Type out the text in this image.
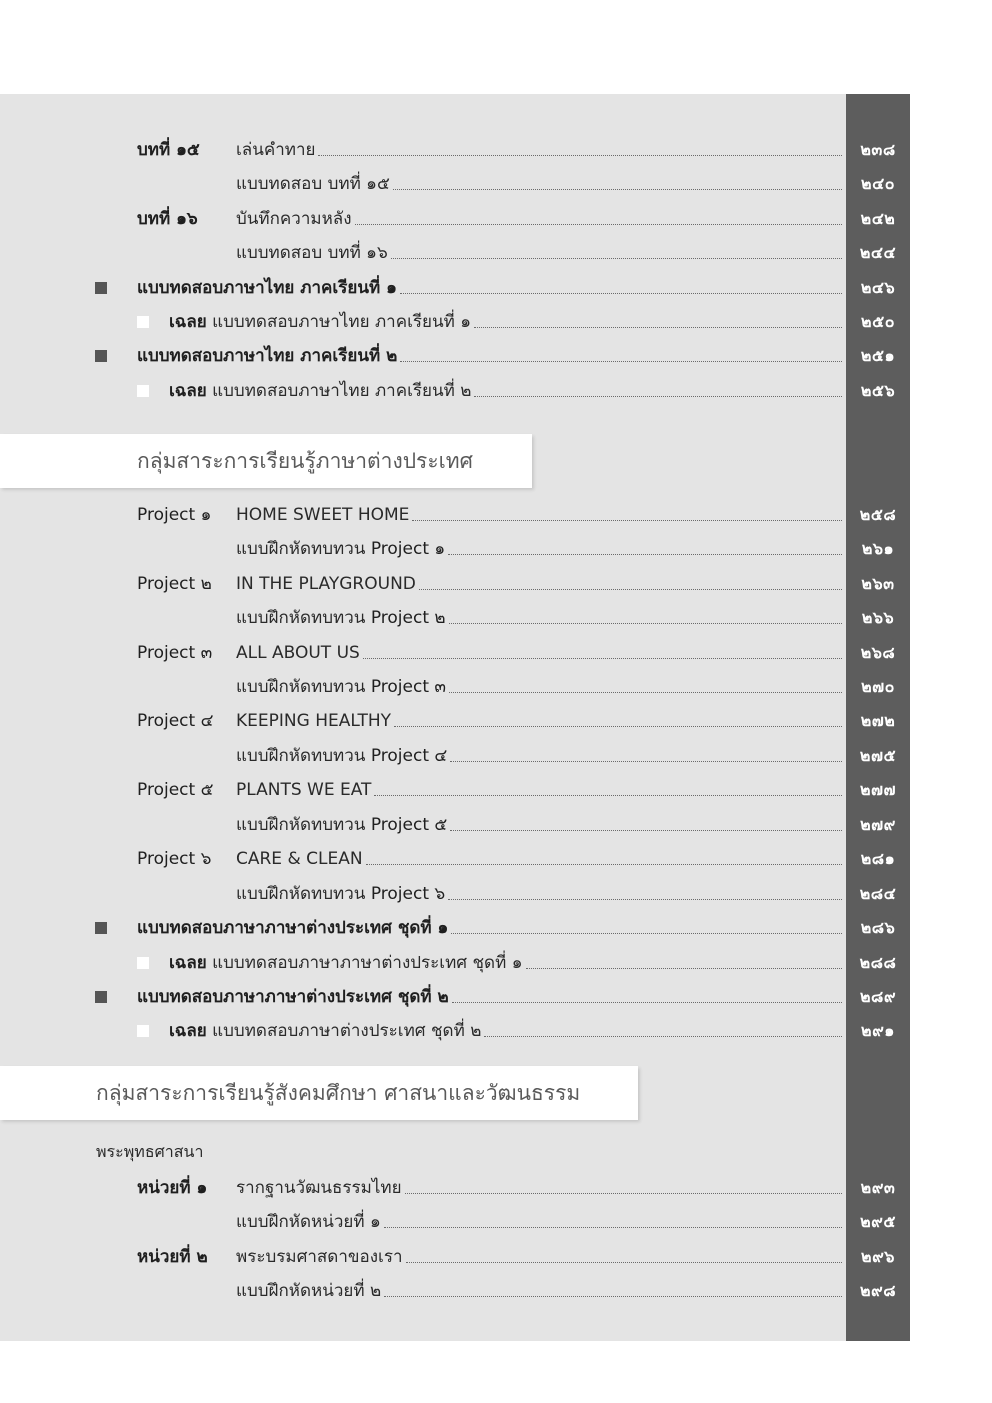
บทที่ ๑๕ เล่นคำทาย	๒๓๘
แบบทดสอบ บทที่ ๑๕	๒๔๐
บทที่ ๑๖ บันทึกความหลัง	๒๔๒
แบบทดสอบ บทที่ ๑๖	๒๔๔
แบบทดสอบภาษาไทย ภาคเรียนที่ ๑	๒๔๖
เฉลย แบบทดสอบภาษาไทย ภาคเรียนที่ ๑	๒๕๐
แบบทดสอบภาษาไทย ภาคเรียนที่ ๒	๒๕๑
เฉลย แบบทดสอบภาษาไทย ภาคเรียนที่ ๒	๒๕๖
กลุ่มสาระการเรียนรู้ภาษาต่างประเทศ
Project ๑ HOME SWEET HOME	๒๕๘
แบบฝึกหัดทบทวน Project ๑	๒๖๑
Project ๒ IN THE PLAYGROUND	๒๖๓
แบบฝึกหัดทบทวน Project ๒	๒๖๖
Project ๓ ALL ABOUT US	๒๖๘
แบบฝึกหัดทบทวน Project ๓	๒๗๐
Project ๔ KEEPING HEALTHY	๒๗๒
แบบฝึกหัดทบทวน Project ๔	๒๗๕
Project ๕ PLANTS WE EAT	๒๗๗
แบบฝึกหัดทบทวน Project ๕	๒๗๙
Project ๖ CARE & CLEAN	๒๘๑
แบบฝึกหัดทบทวน Project ๖	๒๘๔
แบบทดสอบภาษาภาษาต่างประเทศ ชุดที่ ๑	๒๘๖
เฉลย แบบทดสอบภาษาภาษาต่างประเทศ ชุดที่ ๑	๒๘๘
แบบทดสอบภาษาภาษาต่างประเทศ ชุดที่ ๒	๒๘๙
เฉลย แบบทดสอบภาษาต่างประเทศ ชุดที่ ๒	๒๙๑
กลุ่มสาระการเรียนรู้สังคมศึกษา ศาสนาและวัฒนธรรม
พระพุทธศาสนา
หน่วยที่ ๑ รากฐานวัฒนธรรมไทย	๒๙๓
แบบฝึกหัดหน่วยที่ ๑	๒๙๕
หน่วยที่ ๒ พระบรมศาสดาของเรา	๒๙๖
แบบฝึกหัดหน่วยที่ ๒	๒๙๘
